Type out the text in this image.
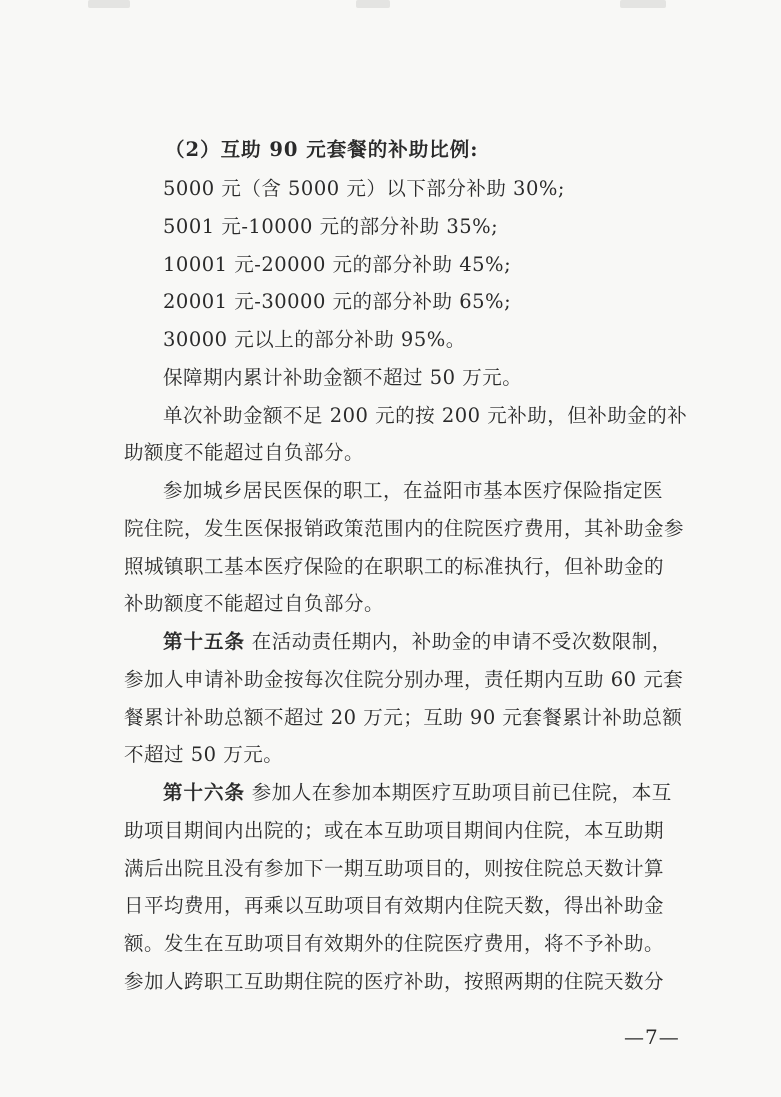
（2）互助 90 元套餐的补助比例:
5000 元（含 5000 元）以下部分补助 30%;
5001 元-10000 元的部分补助 35%;
10001 元-20000 元的部分补助 45%;
20001 元-30000 元的部分补助 65%;
30000 元以上的部分补助 95%。
保障期内累计补助金额不超过 50 万元。
单次补助金额不足 200 元的按 200 元补助，但补助金的补
助额度不能超过自负部分。
参加城乡居民医保的职工，在益阳市基本医疗保险指定医
院住院，发生医保报销政策范围内的住院医疗费用，其补助金参
照城镇职工基本医疗保险的在职职工的标准执行，但补助金的
补助额度不能超过自负部分。
第十五条 在活动责任期内，补助金的申请不受次数限制，
参加人申请补助金按每次住院分别办理，责任期内互助 60 元套
餐累计补助总额不超过 20 万元；互助 90 元套餐累计补助总额
不超过 50 万元。
第十六条 参加人在参加本期医疗互助项目前已住院，本互
助项目期间内出院的；或在本互助项目期间内住院，本互助期
满后出院且没有参加下一期互助项目的，则按住院总天数计算
日平均费用，再乘以互助项目有效期内住院天数，得出补助金
额。发生在互助项目有效期外的住院医疗费用，将不予补助。
参加人跨职工互助期住院的医疗补助，按照两期的住院天数分
—7—
